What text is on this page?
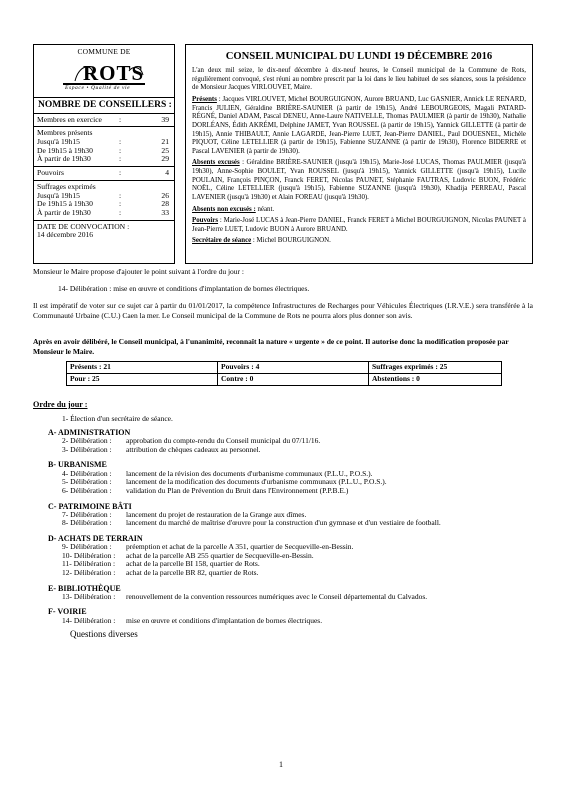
COMMUNE DE
ROTS
Espace • Qualité de vie
NOMBRE DE CONSEILLERS :
Membres en exercice	:	39
Membres présents
Jusqu'à 19h15	:	21
De 19h15 à 19h30	:	25
À partir de 19h30	:	29
Pouvoirs	:	4
Suffrages exprimés
Jusqu'à 19h15	:	26
De 19h15 à 19h30	:	28
À partir de 19h30	:	33
DATE DE CONVOCATION :
14 décembre 2016
CONSEIL MUNICIPAL DU LUNDI 19 DÉCEMBRE 2016

L'an deux mil seize, le dix-neuf décembre à dix-neuf heures, le Conseil municipal de la Commune de Rots, régulièrement convoqué, s'est réuni au nombre prescrit par la loi dans le lieu habituel de ses séances, sous la présidence de Monsieur Jacques VIRLOUVET, Maire.

Présents : Jacques VIRLOUVET, Michel BOURGUIGNON, Aurore BRUAND, Luc GASNIER, Annick LE RENARD, Francis JULIEN, Géraldine BRIÈRE-SAUNIER (à partir de 19h15), André LEBOURGEOIS, Magali PATARD-RÉGNÉ, Daniel ADAM, Pascal DENEU, Anne-Laure NATIVELLE, Thomas PAULMIER (à partir de 19h30), Nathalie DORLÉANS, Édith AKRÉMI, Delphine JAMET, Yvan ROUSSEL (à partir de 19h15), Yannick GILLETTE (à partir de 19h15), Annie THIBAULT, Annie LAGARDE, Jean-Pierre LUET, Jean-Pierre DANIEL, Paul DOUESNEL, Michèle PIQUOT, Céline LETELLIER (à partir de 19h15), Fabienne SUZANNE (à partir de 19h30), Florence BIDERRE et Pascal LAVENIER (à partir de 19h30).

Absents excusés : Géraldine BRIÈRE-SAUNIER (jusqu'à 19h15), Marie-José LUCAS, Thomas PAULMIER (jusqu'à 19h30), Anne-Sophie BOULET, Yvan ROUSSEL (jusqu'à 19h15), Yannick GILLETTE (jusqu'à 19h15), Lucile POULAIN, François PINÇON, Franck FERET, Nicolas PAUNET, Stéphanie FAUTRAS, Ludovic BUON, Frédéric NOËL, Céline LETELLIER (jusqu'à 19h15), Fabienne SUZANNE (jusqu'à 19h30), Khadija PERREAU, Pascal LAVENIER (jusqu'à 19h30) et Alain FOREAU (jusqu'à 19h30).

Absents non excusés : néant.

Pouvoirs : Marie-José LUCAS à Jean-Pierre DANIEL, Franck FERET à Michel BOURGUIGNON, Nicolas PAUNET à Jean-Pierre LUET, Ludovic BUON à Aurore BRUAND.

Secrétaire de séance : Michel BOURGUIGNON.

Monsieur le Maire propose d'ajouter le point suivant à l'ordre du jour :
14- Délibération : mise en œuvre et conditions d'implantation de bornes électriques.
Il est impératif de voter sur ce sujet car à partir du 01/01/2017, la compétence Infrastructures de Recharges pour Véhicules Électriques (I.R.V.E.) sera transférée à la Communauté Urbaine (C.U.) Caen la mer. Le Conseil municipal de la Commune de Rots ne pourra alors plus donner son avis.
Après en avoir délibéré, le Conseil municipal, à l'unanimité, reconnaît la nature « urgente » de ce point. Il autorise donc la modification proposée par Monsieur le Maire.
Présents : 21	Pouvoirs : 4	Suffrages exprimés : 25
Pour : 25	Contre : 0	Abstentions : 0
Ordre du jour :
1- Élection d'un secrétaire de séance.
A- ADMINISTRATION
2- Délibération :	approbation du compte-rendu du Conseil municipal du 07/11/16.
3- Délibération :	attribution de chèques cadeaux au personnel.
B- URBANISME
4- Délibération :	lancement de la révision des documents d'urbanisme communaux (P.L.U., P.O.S.).
5- Délibération :	lancement de la modification des documents d'urbanisme communaux (P.L.U., P.O.S.).
6- Délibération :	validation du Plan de Prévention du Bruit dans l'Environnement (P.P.B.E.)
C- PATRIMOINE BÂTI
7- Délibération :	lancement du projet de restauration de la Grange aux dîmes.
8- Délibération :	lancement du marché de maîtrise d'œuvre pour la construction d'un gymnase et d'un vestiaire de football.
D- ACHATS DE TERRAIN
9- Délibération :	préemption et achat de la parcelle A 351, quartier de Secqueville-en-Bessin.
10- Délibération :	achat de la parcelle AB 255 quartier de Secqueville-en-Bessin.
11- Délibération :	achat de la parcelle BI 158, quartier de Rots.
12- Délibération :	achat de la parcelle BR 82, quartier de Rots.
E- BIBLIOTHÈQUE
13- Délibération :	renouvellement de la convention ressources numériques avec le Conseil départemental du Calvados.
F- VOIRIE
14- Délibération :	mise en œuvre et conditions d'implantation de bornes électriques.
Questions diverses
1
